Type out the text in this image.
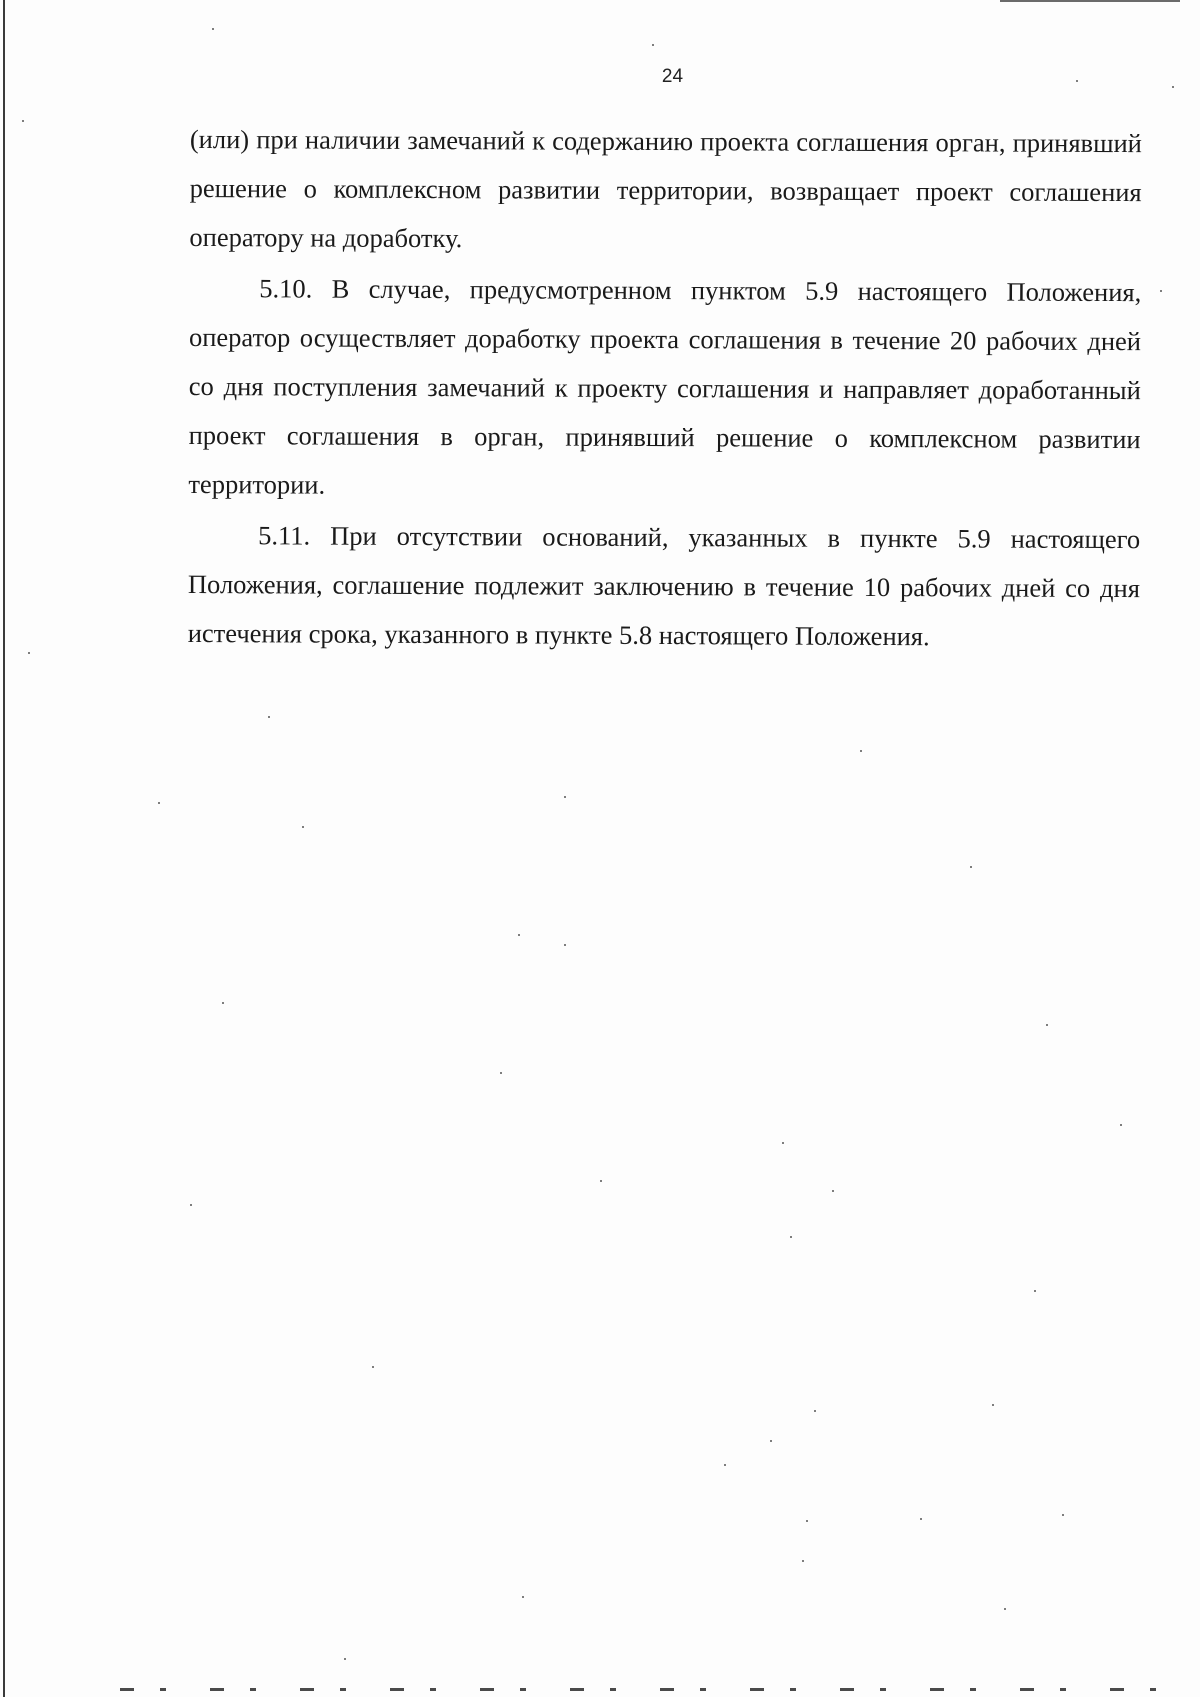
24

(или) при наличии замечаний к содержанию проекта соглашения орган, принявший решение о комплексном развитии территории, возвращает проект соглашения оператору на доработку.

5.10. В случае, предусмотренном пунктом 5.9 настоящего Положения, оператор осуществляет доработку проекта соглашения в течение 20 рабочих дней со дня поступления замечаний к проекту соглашения и направляет доработанный проект соглашения в орган, принявший решение о комплексном развитии территории.

5.11. При отсутствии оснований, указанных в пункте 5.9 настоящего Положения, соглашение подлежит заключению в течение 10 рабочих дней со дня истечения срока, указанного в пункте 5.8 настоящего Положения.
